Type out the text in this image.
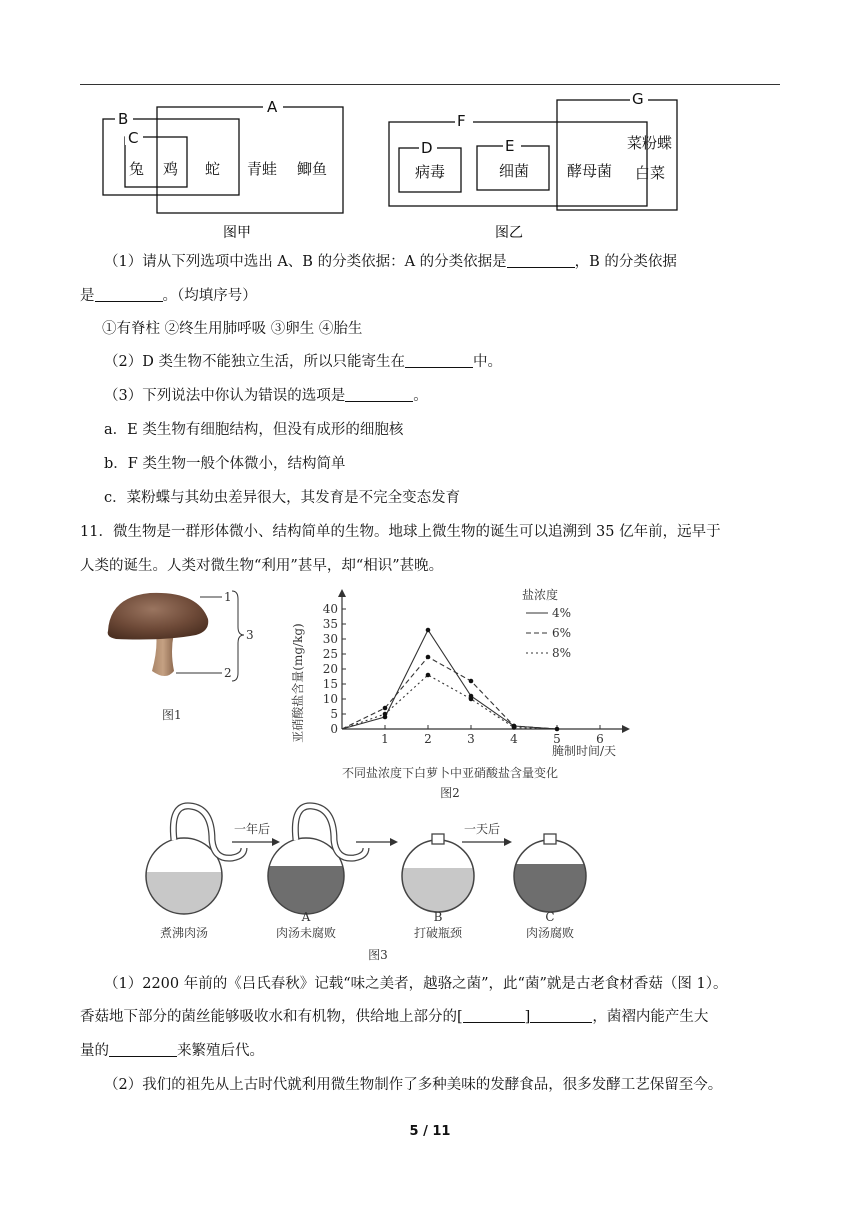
A
B
C
兔 鸡 蛇 青蛙 鲫鱼
图甲
F
G
D	E
病毒	细菌	酵母菌
菜粉蝶
白菜
图乙
（1）请从下列选项中选出 A、B 的分类依据：A 的分类依据是	，B 的分类依据
是	。（均填序号）
①有脊柱 ②终生用肺呼吸 ③卵生 ④胎生
（2）D 类生物不能独立生活，所以只能寄生在	中。
（3）下列说法中你认为错误的选项是	。
a．E 类生物有细胞结构，但没有成形的细胞核
b．F 类生物一般个体微小，结构简单
c．菜粉蝶与其幼虫差异很大，其发育是不完全变态发育
11．微生物是一群形体微小、结构简单的生物。地球上微生物的诞生可以追溯到 35 亿年前，远早于
人类的诞生。人类对微生物“利用”甚早，却“相识”甚晚。
1
2
3
图1
0
5
10
15
20
25
30
35
40
1	2	3	4	5	6
亚硝酸盐含量(mg/kg)
腌制时间/天
盐浓度
4%
6%
8%
不同盐浓度下白萝卜中亚硝酸盐含量变化
图2
一年后	一天后
煮沸肉汤
A
肉汤未腐败
B
打破瓶颈
C
肉汤腐败
图3
（1）2200 年前的《吕氏春秋》记载“味之美者，越骆之菌”，此“菌”就是古老食材香菇（图 1）。
香菇地下部分的菌丝能够吸收水和有机物，供给地上部分的[	]	，菌褶内能产生大
量的	来繁殖后代。
（2）我们的祖先从上古时代就利用微生物制作了多种美味的发酵食品，很多发酵工艺保留至今。
5 / 11
